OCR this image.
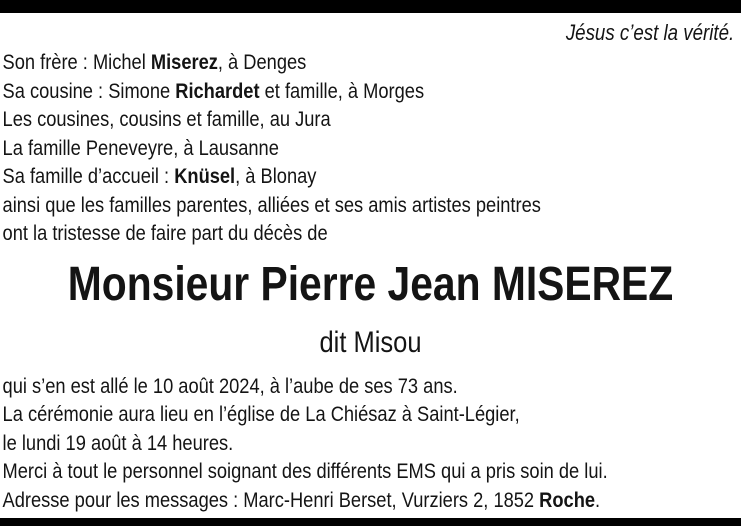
Jésus c’est la vérité.
Son frère : Michel Miserez, à Denges
Sa cousine : Simone Richardet et famille, à Morges
Les cousines, cousins et famille, au Jura
La famille Peneveyre, à Lausanne
Sa famille d’accueil : Knüsel, à Blonay
ainsi que les familles parentes, alliées et ses amis artistes peintres
ont la tristesse de faire part du décès de
Monsieur Pierre Jean MISEREZ
dit Misou
qui s’en est allé le 10 août 2024, à l’aube de ses 73 ans.
La cérémonie aura lieu en l’église de La Chiésaz à Saint-Légier,
le lundi 19 août à 14 heures.
Merci à tout le personnel soignant des différents EMS qui a pris soin de lui.
Adresse pour les messages : Marc-Henri Berset, Vurziers 2, 1852 Roche.
